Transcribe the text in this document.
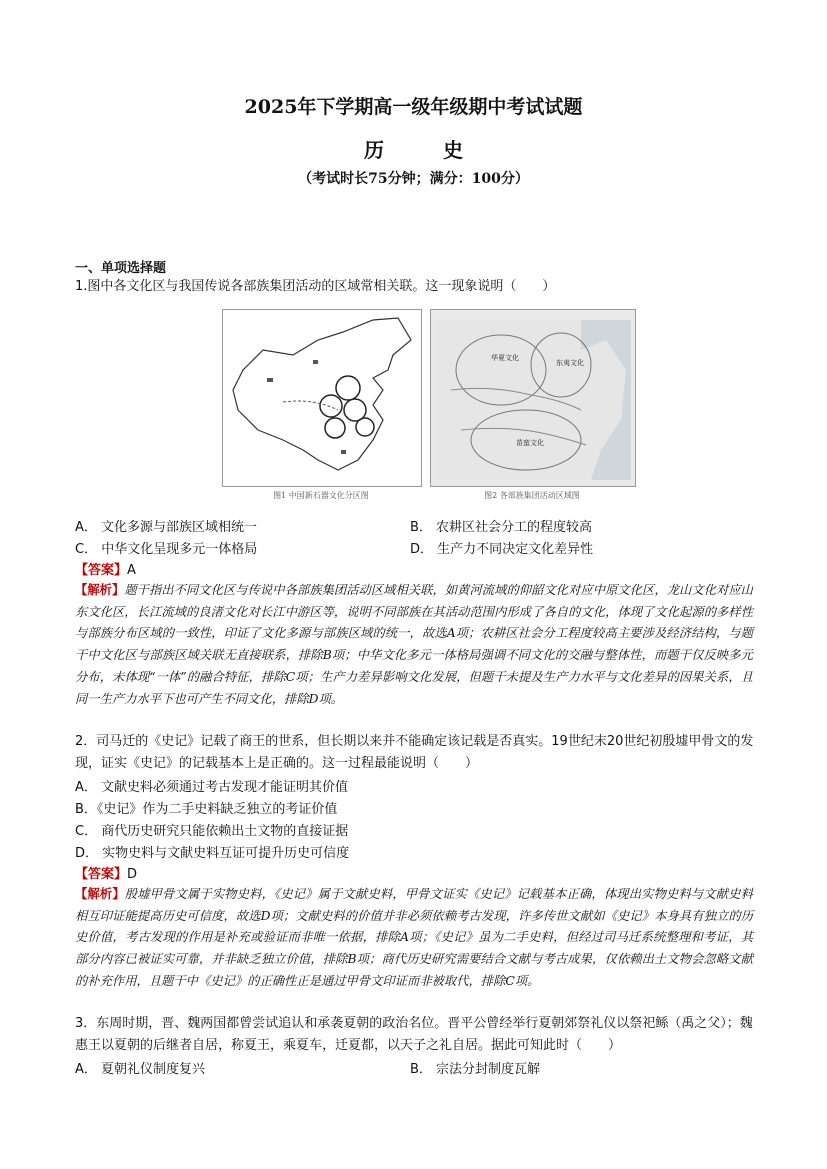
2025年下学期高一级年级期中考试试题
历 史
（考试时长75分钟；满分：100分）
一、单项选择题
1.图中各文化区与我国传说各部族集团活动的区域常相关联。这一现象说明（　　）
图1 中国新石器文化分区图
华夏文化
东夷文化
苗蛮文化
图2 各部族集团活动区域图
A． 文化多源与部族区域相统一	B． 农耕区社会分工的程度较高
C． 中华文化呈现多元一体格局	D． 生产力不同决定文化差异性
【答案】A
【解析】题干指出不同文化区与传说中各部族集团活动区域相关联，如黄河流域的仰韶文化对应中原文化区，龙山文化对应山东文化区，长江流域的良渚文化对长江中游区等，说明不同部族在其活动范围内形成了各自的文化，体现了文化起源的多样性与部族分布区域的一致性，印证了文化多源与部族区域的统一，故选A项；农耕区社会分工程度较高主要涉及经济结构，与题干中文化区与部族区域关联无直接联系，排除B项；中华文化多元一体格局强调不同文化的交融与整体性，而题干仅反映多元分布，未体现“一体”的融合特征，排除C项；生产力差异影响文化发展，但题干未提及生产力水平与文化差异的因果关系，且同一生产力水平下也可产生不同文化，排除D项。
2．司马迁的《史记》记载了商王的世系，但长期以来并不能确定该记载是否真实。19世纪末20世纪初殷墟甲骨文的发现，证实《史记》的记载基本上是正确的。这一过程最能说明（　　）
A． 文献史料必须通过考古发现才能证明其价值
B．《史记》作为二手史料缺乏独立的考证价值
C． 商代历史研究只能依赖出土文物的直接证据
D． 实物史料与文献史料互证可提升历史可信度
【答案】D
【解析】殷墟甲骨文属于实物史料，《史记》属于文献史料，甲骨文证实《史记》记载基本正确，体现出实物史料与文献史料相互印证能提高历史可信度，故选D项；文献史料的价值并非必须依赖考古发现，许多传世文献如《史记》本身具有独立的历史价值，考古发现的作用是补充或验证而非唯一依据，排除A项；《史记》虽为二手史料，但经过司马迁系统整理和考证，其部分内容已被证实可靠，并非缺乏独立价值，排除B项；商代历史研究需要结合文献与考古成果，仅依赖出土文物会忽略文献的补充作用，且题干中《史记》的正确性正是通过甲骨文印证而非被取代，排除C项。
3．东周时期，晋、魏两国都曾尝试追认和承袭夏朝的政治名位。晋平公曾经举行夏朝郊祭礼仪以祭祀鲧（禹之父）；魏惠王以夏朝的后继者自居，称夏王，乘夏车，迁夏都，以天子之礼自居。据此可知此时（　　）
A． 夏朝礼仪制度复兴	B． 宗法分封制度瓦解
